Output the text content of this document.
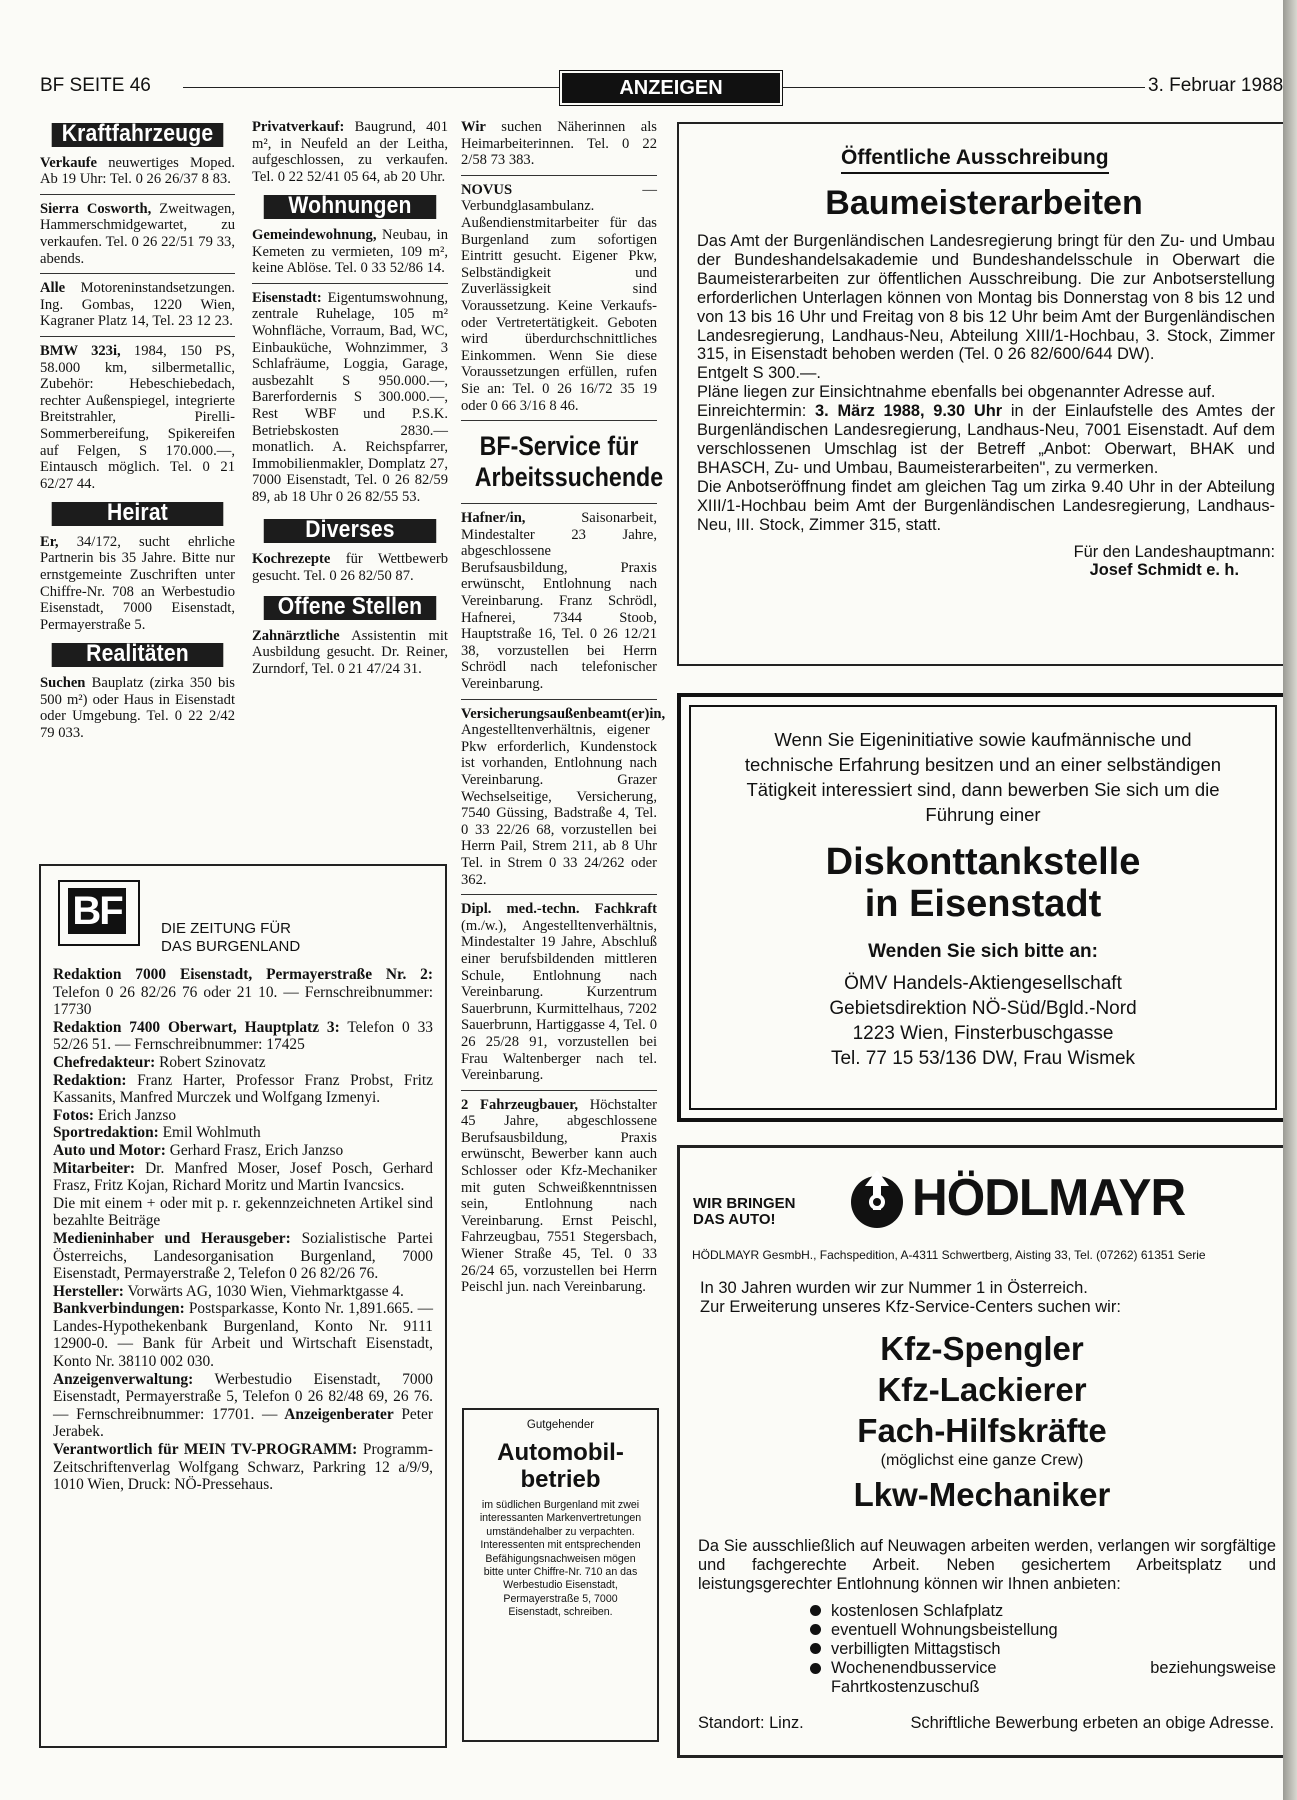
BF SEITE 46	ANZEIGEN	3. Februar 1988
Kraftfahrzeuge

Verkaufe neuwertiges Moped. Ab 19 Uhr: Tel. 0 26 26/37 8 83.

Sierra Cosworth, Zweitwagen, Hammerschmidgewartet, zu verkaufen. Tel. 0 26 22/51 79 33, abends.

Alle Motoreninstandsetzungen. Ing. Gombas, 1220 Wien, Kagraner Platz 14, Tel. 23 12 23.

BMW 323i, 1984, 150 PS, 58.000 km, silbermetallic, Zubehör: Hebeschiebedach, rechter Außenspiegel, integrierte Breitstrahler, Pirelli-Sommerbereifung, Spikereifen auf Felgen, S 170.000.—, Eintausch möglich. Tel. 0 21 62/27 44.

Heirat

Er, 34/172, sucht ehrliche Partnerin bis 35 Jahre. Bitte nur ernstgemeinte Zuschriften unter Chiffre-Nr. 708 an Werbestudio Eisenstadt, 7000 Eisenstadt, Permayerstraße 5.

Realitäten

Suchen Bauplatz (zirka 350 bis 500 m²) oder Haus in Eisenstadt oder Umgebung. Tel. 0 22 2/42 79 033.

Privatverkauf: Baugrund, 401 m², in Neufeld an der Leitha, aufgeschlossen, zu verkaufen. Tel. 0 22 52/41 05 64, ab 20 Uhr.

Wohnungen

Gemeindewohnung, Neubau, in Kemeten zu vermieten, 109 m², keine Ablöse. Tel. 0 33 52/86 14.

Eisenstadt: Eigentumswohnung, zentrale Ruhelage, 105 m² Wohnfläche, Vorraum, Bad, WC, Einbauküche, Wohnzimmer, 3 Schlafräume, Loggia, Garage, ausbezahlt S 950.000.—, Barerfordernis S 300.000.—, Rest WBF und P.S.K. Betriebskosten 2830.— monatlich. A. Reichspfarrer, Immobilienmakler, Domplatz 27, 7000 Eisenstadt, Tel. 0 26 82/59 89, ab 18 Uhr 0 26 82/55 53.

Diverses

Kochrezepte für Wettbewerb gesucht. Tel. 0 26 82/50 87.

Offene Stellen

Zahnärztliche Assistentin mit Ausbildung gesucht. Dr. Reiner, Zurndorf, Tel. 0 21 47/24 31.

Wir suchen Näherinnen als Heimarbeiterinnen. Tel. 0 22 2/58 73 383.

NOVUS — Verbundglasambulanz. Außendienstmitarbeiter für das Burgenland zum sofortigen Eintritt gesucht. Eigener Pkw, Selbständigkeit und Zuverlässigkeit sind Voraussetzung. Keine Verkaufs- oder Vertretertätigkeit. Geboten wird überdurchschnittliches Einkommen. Wenn Sie diese Voraussetzungen erfüllen, rufen Sie an: Tel. 0 26 16/72 35 19 oder 0 66 3/16 8 46.

BF-Service für Arbeitssuchende

Hafner/in, Saisonarbeit, Mindestalter 23 Jahre, abgeschlossene Berufsausbildung, Praxis erwünscht, Entlohnung nach Vereinbarung. Franz Schrödl, Hafnerei, 7344 Stoob, Hauptstraße 16, Tel. 0 26 12/21 38, vorzustellen bei Herrn Schrödl nach telefonischer Vereinbarung.

Versicherungsaußenbeamt(er)in, Angestelltenverhältnis, eigener Pkw erforderlich, Kundenstock ist vorhanden, Entlohnung nach Vereinbarung. Grazer Wechselseitige, Versicherung, 7540 Güssing, Badstraße 4, Tel. 0 33 22/26 68, vorzustellen bei Herrn Pail, Strem 211, ab 8 Uhr Tel. in Strem 0 33 24/262 oder 362.

Dipl. med.-techn. Fachkraft (m./w.), Angestelltenverhältnis, Mindestalter 19 Jahre, Abschluß einer berufsbildenden mittleren Schule, Entlohnung nach Vereinbarung. Kurzentrum Sauerbrunn, Kurmittelhaus, 7202 Sauerbrunn, Hartiggasse 4, Tel. 0 26 25/28 91, vorzustellen bei Frau Waltenberger nach tel. Vereinbarung.

2 Fahrzeugbauer, Höchstalter 45 Jahre, abgeschlossene Berufsausbildung, Praxis erwünscht, Bewerber kann auch Schlosser oder Kfz-Mechaniker mit guten Schweißkenntnissen sein, Entlohnung nach Vereinbarung. Ernst Peischl, Fahrzeugbau, 7551 Stegersbach, Wiener Straße 45, Tel. 0 33 26/24 65, vorzustellen bei Herrn Peischl jun. nach Vereinbarung.

Gutgehender
Automobil-betrieb
im südlichen Burgenland mit zwei interessanten Markenvertretungen umständehalber zu verpachten. Interessenten mit entsprechenden Befähigungsnachweisen mögen bitte unter Chiffre-Nr. 710 an das Werbestudio Eisenstadt, Permayerstraße 5, 7000 Eisenstadt, schreiben.
BF	DIE ZEITUNG FÜR
DAS BURGENLAND
Redaktion 7000 Eisenstadt, Permayerstraße Nr. 2: Telefon 0 26 82/26 76 oder 21 10. — Fernschreibnummer: 17730
Redaktion 7400 Oberwart, Hauptplatz 3: Telefon 0 33 52/26 51. — Fernschreibnummer: 17425
Chefredakteur: Robert Szinovatz
Redaktion: Franz Harter, Professor Franz Probst, Fritz Kassanits, Manfred Murczek und Wolfgang Izmenyi.
Fotos: Erich Janzso
Sportredaktion: Emil Wohlmuth
Auto und Motor: Gerhard Frasz, Erich Janzso
Mitarbeiter: Dr. Manfred Moser, Josef Posch, Gerhard Frasz, Fritz Kojan, Richard Moritz und Martin Ivancsics.
Die mit einem + oder mit p. r. gekennzeichneten Artikel sind bezahlte Beiträge
Medieninhaber und Herausgeber: Sozialistische Partei Österreichs, Landesorganisation Burgenland, 7000 Eisenstadt, Permayerstraße 2, Telefon 0 26 82/26 76.
Hersteller: Vorwärts AG, 1030 Wien, Viehmarktgasse 4.
Bankverbindungen: Postsparkasse, Konto Nr. 1,891.665. — Landes-Hypothekenbank Burgenland, Konto Nr. 9111 12900-0. — Bank für Arbeit und Wirtschaft Eisenstadt, Konto Nr. 38110 002 030.
Anzeigenverwaltung: Werbestudio Eisenstadt, 7000 Eisenstadt, Permayerstraße 5, Telefon 0 26 82/48 69, 26 76. — Fernschreibnummer: 17701. — Anzeigenberater Peter Jerabek.
Verantwortlich für MEIN TV-PROGRAMM: Programm-Zeitschriftenverlag Wolfgang Schwarz, Parkring 12 a/9/9, 1010 Wien, Druck: NÖ-Pressehaus.
Öffentliche Ausschreibung
Baumeisterarbeiten
Das Amt der Burgenländischen Landesregierung bringt für den Zu- und Umbau der Bundeshandelsakademie und Bundeshandelsschule in Oberwart die Baumeisterarbeiten zur öffentlichen Ausschreibung. Die zur Anbotserstellung erforderlichen Unterlagen können von Montag bis Donnerstag von 8 bis 12 und von 13 bis 16 Uhr und Freitag von 8 bis 12 Uhr beim Amt der Burgenländischen Landesregierung, Landhaus-Neu, Abteilung XIII/1-Hochbau, 3. Stock, Zimmer 315, in Eisenstadt behoben werden (Tel. 0 26 82/600/644 DW).
Entgelt S 300.—.
Pläne liegen zur Einsichtnahme ebenfalls bei obgenannter Adresse auf.
Einreichtermin: 3. März 1988, 9.30 Uhr in der Einlaufstelle des Amtes der Burgenländischen Landesregierung, Landhaus-Neu, 7001 Eisenstadt. Auf dem verschlossenen Umschlag ist der Betreff „Anbot: Oberwart, BHAK und BHASCH, Zu- und Umbau, Baumeisterarbeiten", zu vermerken.
Die Anbotseröffnung findet am gleichen Tag um zirka 9.40 Uhr in der Abteilung XIII/1-Hochbau beim Amt der Burgenländischen Landesregierung, Landhaus-Neu, III. Stock, Zimmer 315, statt.
Für den Landeshauptmann:
Josef Schmidt e. h.
Wenn Sie Eigeninitiative sowie kaufmännische und technische Erfahrung besitzen und an einer selbständigen Tätigkeit interessiert sind, dann bewerben Sie sich um die Führung einer
Diskonttankstelle
in Eisenstadt
Wenden Sie sich bitte an:
ÖMV Handels-Aktiengesellschaft
Gebietsdirektion NÖ-Süd/Bgld.-Nord
1223 Wien, Finsterbuschgasse
Tel. 77 15 53/136 DW, Frau Wismek
WIR BRINGEN
DAS AUTO!	HÖDLMAYR
HÖDLMAYR GesmbH., Fachspedition, A-4311 Schwertberg, Aisting 33, Tel. (07262) 61351 Serie
In 30 Jahren wurden wir zur Nummer 1 in Österreich.
Zur Erweiterung unseres Kfz-Service-Centers suchen wir:
Kfz-Spengler
Kfz-Lackierer
Fach-Hilfskräfte
(möglichst eine ganze Crew)
Lkw-Mechaniker
Da Sie ausschließlich auf Neuwagen arbeiten werden, verlangen wir sorgfältige und fachgerechte Arbeit. Neben gesichertem Arbeitsplatz und leistungsgerechter Entlohnung können wir Ihnen anbieten:
kostenlosen Schlafplatz
eventuell Wohnungsbeistellung
verbilligten Mittagstisch
Wochenendbusservice beziehungsweise Fahrtkostenzuschuß
Standort: Linz.	Schriftliche Bewerbung erbeten an obige Adresse.
